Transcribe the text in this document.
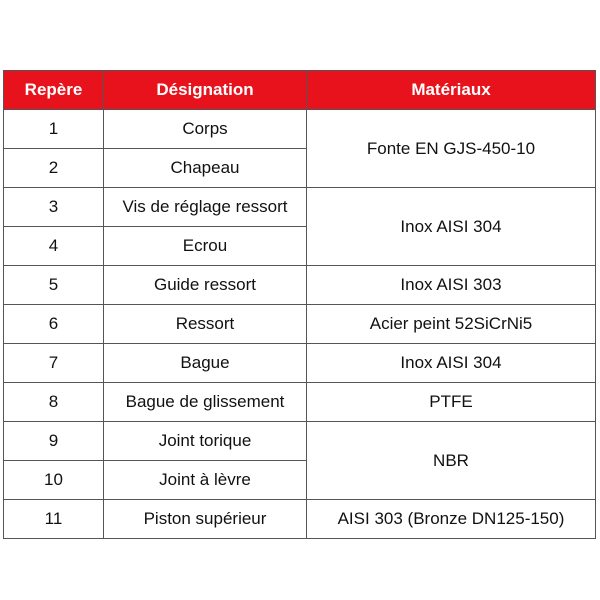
Repère	Désignation	Matériaux
1	Corps	Fonte EN GJS-450-10
2	Chapeau	
3	Vis de réglage ressort	Inox AISI 304
4	Ecrou	
5	Guide ressort	Inox AISI 303
6	Ressort	Acier peint 52SiCrNi5
7	Bague	Inox AISI 304
8	Bague de glissement	PTFE
9	Joint torique	NBR
10	Joint à lèvre	
11	Piston supérieur	AISI 303 (Bronze DN125-150)
